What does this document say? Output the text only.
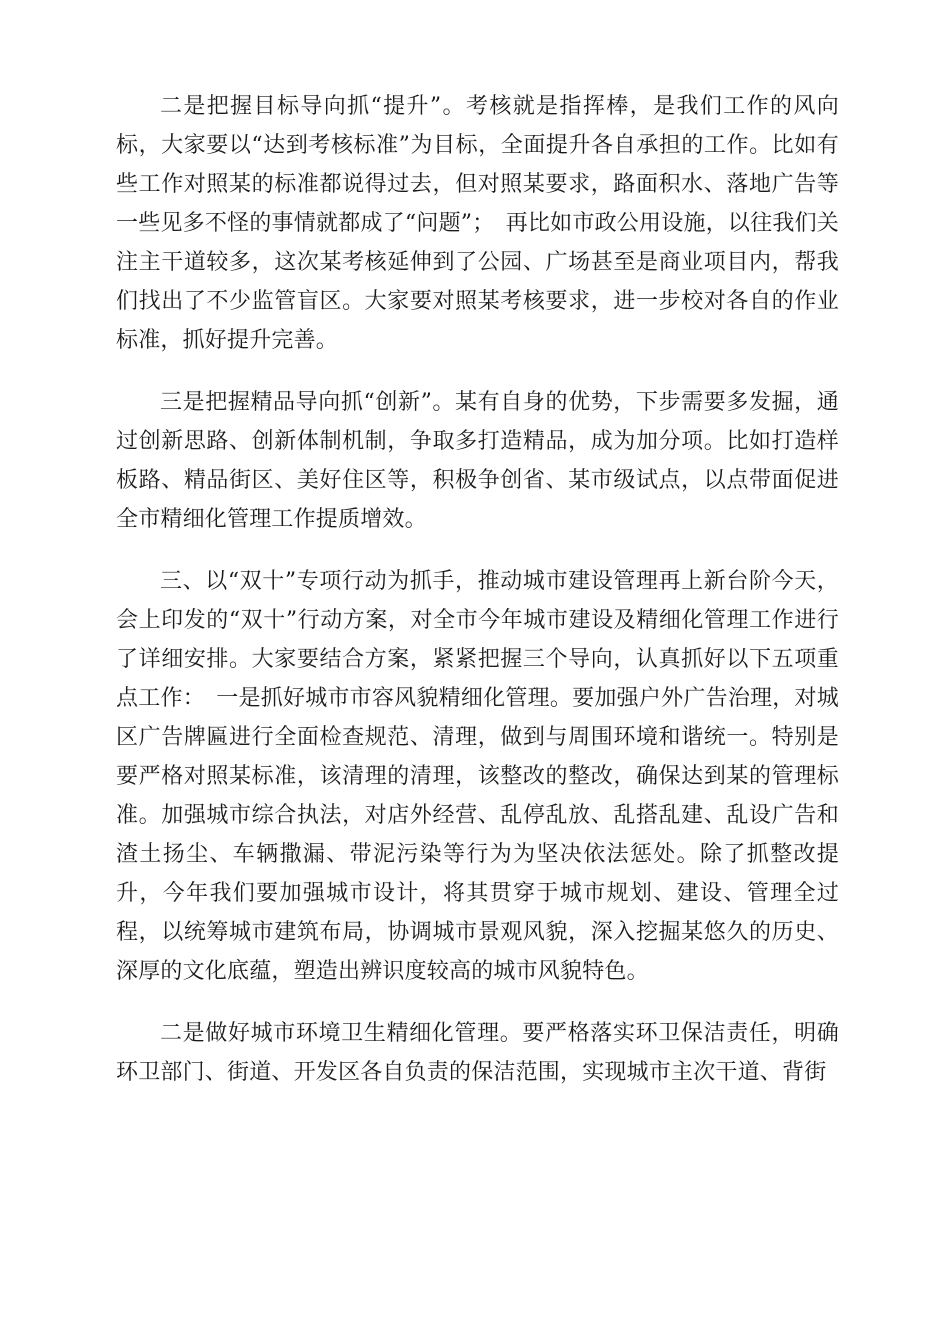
二是把握目标导向抓“提升”。考核就是指挥棒，是我们工作的风向标，大家要以“达到考核标准”为目标，全面提升各自承担的工作。比如有些工作对照某的标准都说得过去，但对照某要求，路面积水、落地广告等一些见多不怪的事情就都成了“问题”；　再比如市政公用设施，以往我们关注主干道较多，这次某考核延伸到了公园、广场甚至是商业项目内，帮我们找出了不少监管盲区。大家要对照某考核要求，进一步校对各自的作业标准，抓好提升完善。

三是把握精品导向抓“创新”。某有自身的优势，下步需要多发掘，通过创新思路、创新体制机制，争取多打造精品，成为加分项。比如打造样板路、精品街区、美好住区等，积极争创省、某市级试点，以点带面促进全市精细化管理工作提质增效。

三、以“双十”专项行动为抓手，推动城市建设管理再上新台阶今天，会上印发的“双十”行动方案，对全市今年城市建设及精细化管理工作进行了详细安排。大家要结合方案，紧紧把握三个导向，认真抓好以下五项重点工作：　一是抓好城市市容风貌精细化管理。要加强户外广告治理，对城区广告牌匾进行全面检查规范、清理，做到与周围环境和谐统一。特别是要严格对照某标准，该清理的清理，该整改的整改，确保达到某的管理标准。加强城市综合执法，对店外经营、乱停乱放、乱搭乱建、乱设广告和渣土扬尘、车辆撒漏、带泥污染等行为为坚决依法惩处。除了抓整改提升，今年我们要加强城市设计，将其贯穿于城市规划、建设、管理全过程，以统筹城市建筑布局，协调城市景观风貌，深入挖掘某悠久的历史、深厚的文化底蕴，塑造出辨识度较高的城市风貌特色。

二是做好城市环境卫生精细化管理。要严格落实环卫保洁责任，明确环卫部门、街道、开发区各自负责的保洁范围，实现城市主次干道、背街
